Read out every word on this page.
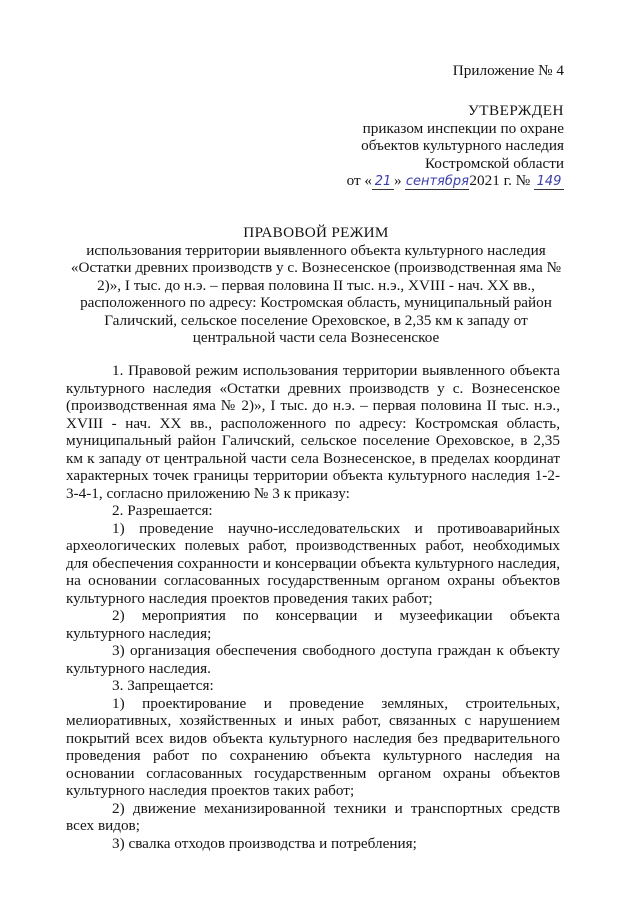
Приложение № 4
УТВЕРЖДЕН
приказом инспекции по охране
объектов культурного наследия
Костромской области
от « 21 » сентября2021 г. № 149
ПРАВОВОЙ РЕЖИМ
использования территории выявленного объекта культурного наследия «Остатки древних производств у с. Вознесенское (производственная яма № 2)», I тыс. до н.э. – первая половина II тыс. н.э., XVIII - нач. XX вв., расположенного по адресу: Костромская область, муниципальный район Галичский, сельское поселение Ореховское, в 2,35 км к западу от центральной части села Вознесенское

1. Правовой режим использования территории выявленного объекта культурного наследия «Остатки древних производств у с. Вознесенское (производственная яма № 2)», I тыс. до н.э. – первая половина II тыс. н.э., XVIII - нач. XX вв., расположенного по адресу: Костромская область, муниципальный район Галичский, сельское поселение Ореховское, в 2,35 км к западу от центральной части села Вознесенское, в пределах координат характерных точек границы территории объекта культурного наследия 1-2-3-4-1, согласно приложению № 3 к приказу:

2. Разрешается:

1) проведение научно-исследовательских и противоаварийных археологических полевых работ, производственных работ, необходимых для обеспечения сохранности и консервации объекта культурного наследия, на основании согласованных государственным органом охраны объектов культурного наследия проектов проведения таких работ;

2) мероприятия по консервации и музеефикации объекта культурного наследия;

3) организация обеспечения свободного доступа граждан к объекту культурного наследия.

3. Запрещается:

1) проектирование и проведение земляных, строительных, мелиоративных, хозяйственных и иных работ, связанных с нарушением покрытий всех видов объекта культурного наследия без предварительного проведения работ по сохранению объекта культурного наследия на основании согласованных государственным органом охраны объектов культурного наследия проектов таких работ;

2) движение механизированной техники и транспортных средств всех видов;

3) свалка отходов производства и потребления;
